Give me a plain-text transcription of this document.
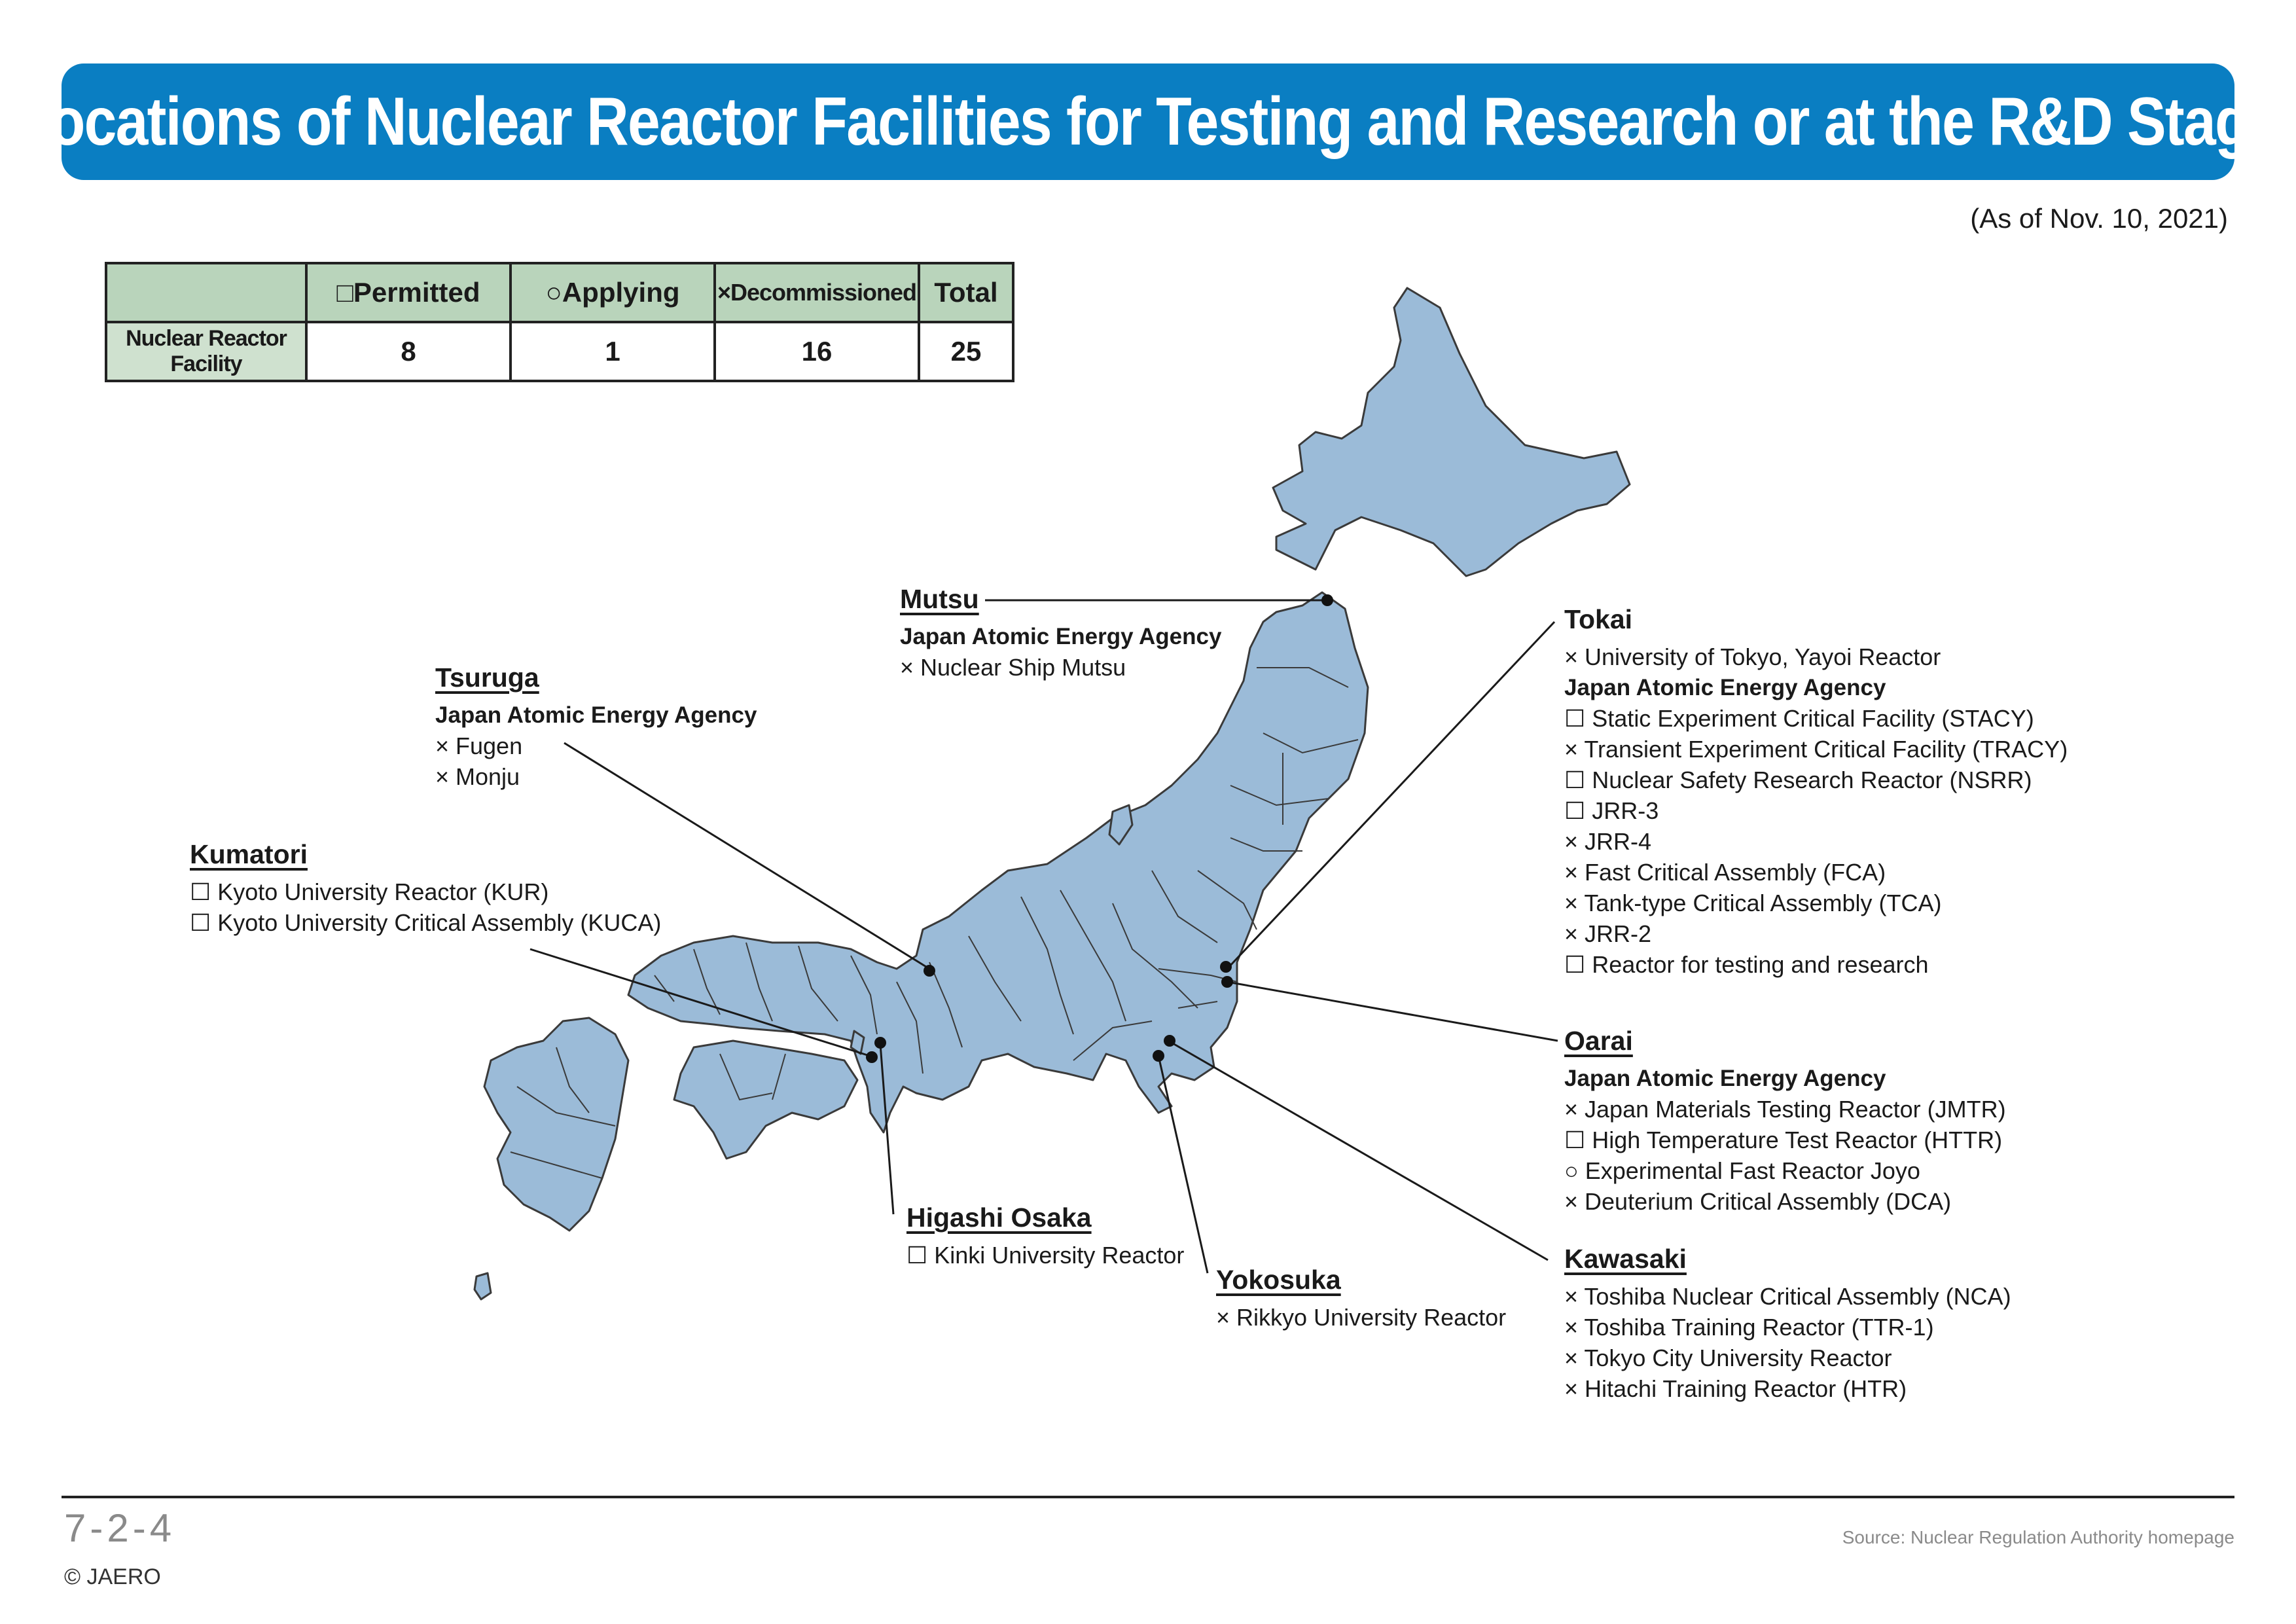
Locations of Nuclear Reactor Facilities for Testing and Research or at the R&D Stage
(As of Nov. 10, 2021)
	□Permitted	○Applying	×Decommissioned	Total
Nuclear Reactor Facility	8	1	16	25
Mutsu
Japan Atomic Energy Agency
× Nuclear Ship Mutsu
Tsuruga
Japan Atomic Energy Agency
× Fugen
× Monju
Kumatori
☐ Kyoto University Reactor (KUR)
☐ Kyoto University Critical Assembly (KUCA)
Higashi Osaka
☐ Kinki University Reactor
Yokosuka
× Rikkyo University Reactor
Tokai
× University of Tokyo, Yayoi Reactor
Japan Atomic Energy Agency
☐ Static Experiment Critical Facility (STACY)
× Transient Experiment Critical Facility (TRACY)
☐ Nuclear Safety Research Reactor (NSRR)
☐ JRR-3
× JRR-4
× Fast Critical Assembly (FCA)
× Tank-type Critical Assembly (TCA)
× JRR-2
☐ Reactor for testing and research
Oarai
Japan Atomic Energy Agency
× Japan Materials Testing Reactor (JMTR)
☐ High Temperature Test Reactor (HTTR)
○ Experimental Fast Reactor Joyo
× Deuterium Critical Assembly (DCA)
Kawasaki
× Toshiba Nuclear Critical Assembly (NCA)
× Toshiba Training Reactor (TTR-1)
× Tokyo City University Reactor
× Hitachi Training Reactor (HTR)
7-2-4
© JAERO
Source: Nuclear Regulation Authority homepage
